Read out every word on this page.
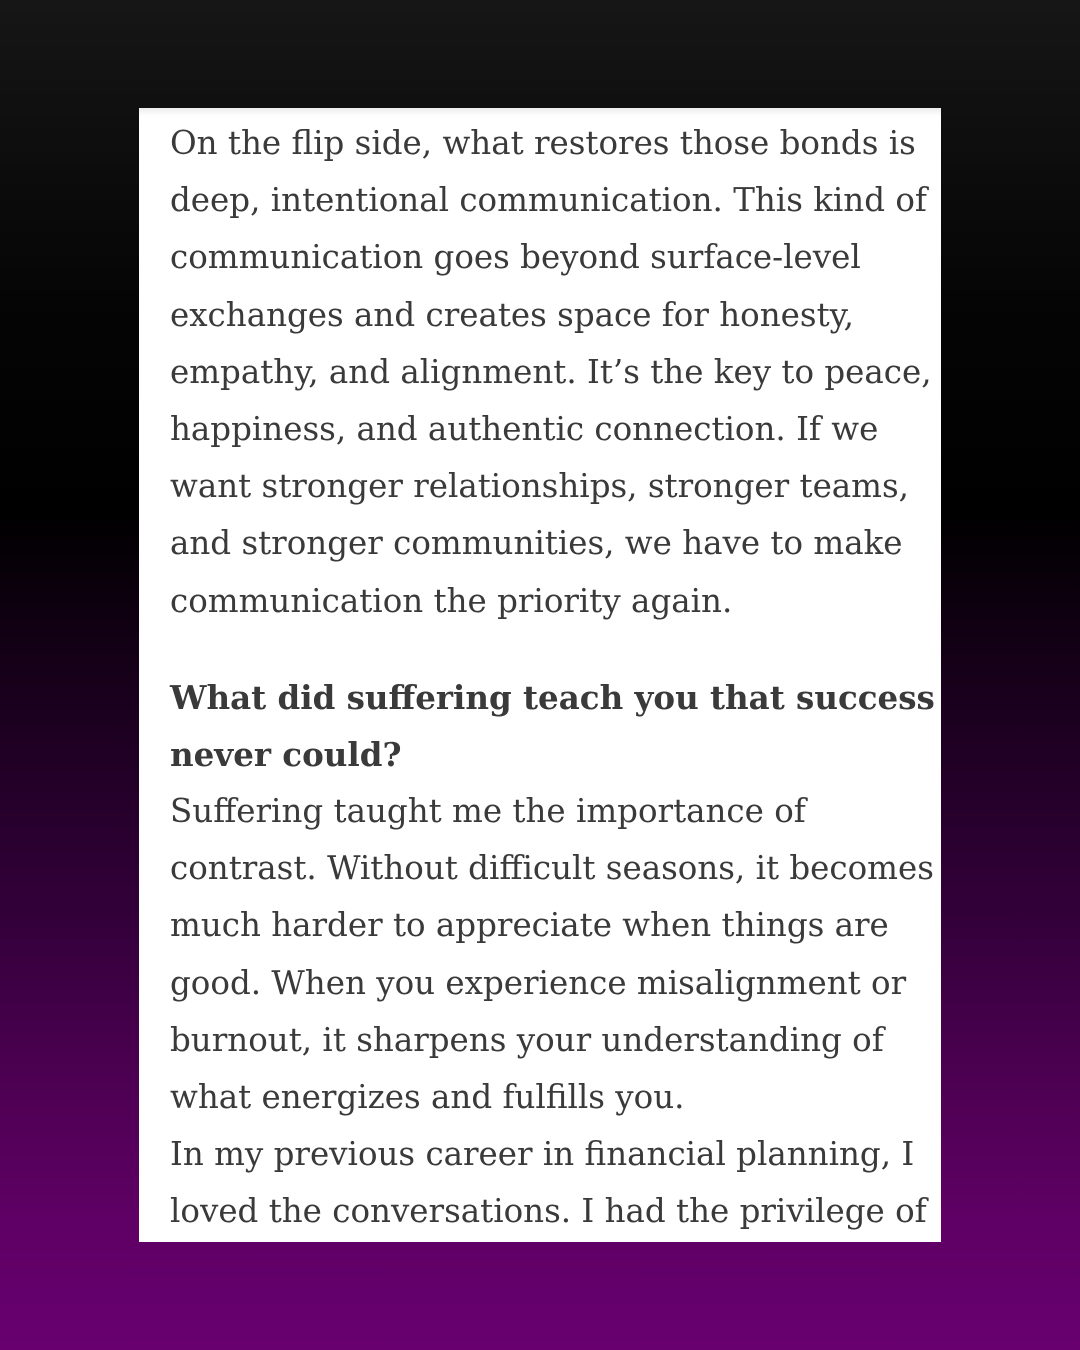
On the flip side, what restores those bonds is
deep, intentional communication. This kind of
communication goes beyond surface-level
exchanges and creates space for honesty,
empathy, and alignment. It’s the key to peace,
happiness, and authentic connection. If we
want stronger relationships, stronger teams,
and stronger communities, we have to make
communication the priority again.

What did suffering teach you that success
never could?

Suffering taught me the importance of
contrast. Without difficult seasons, it becomes
much harder to appreciate when things are
good. When you experience misalignment or
burnout, it sharpens your understanding of
what energizes and fulfills you.

In my previous career in financial planning, I
loved the conversations. I had the privilege of
